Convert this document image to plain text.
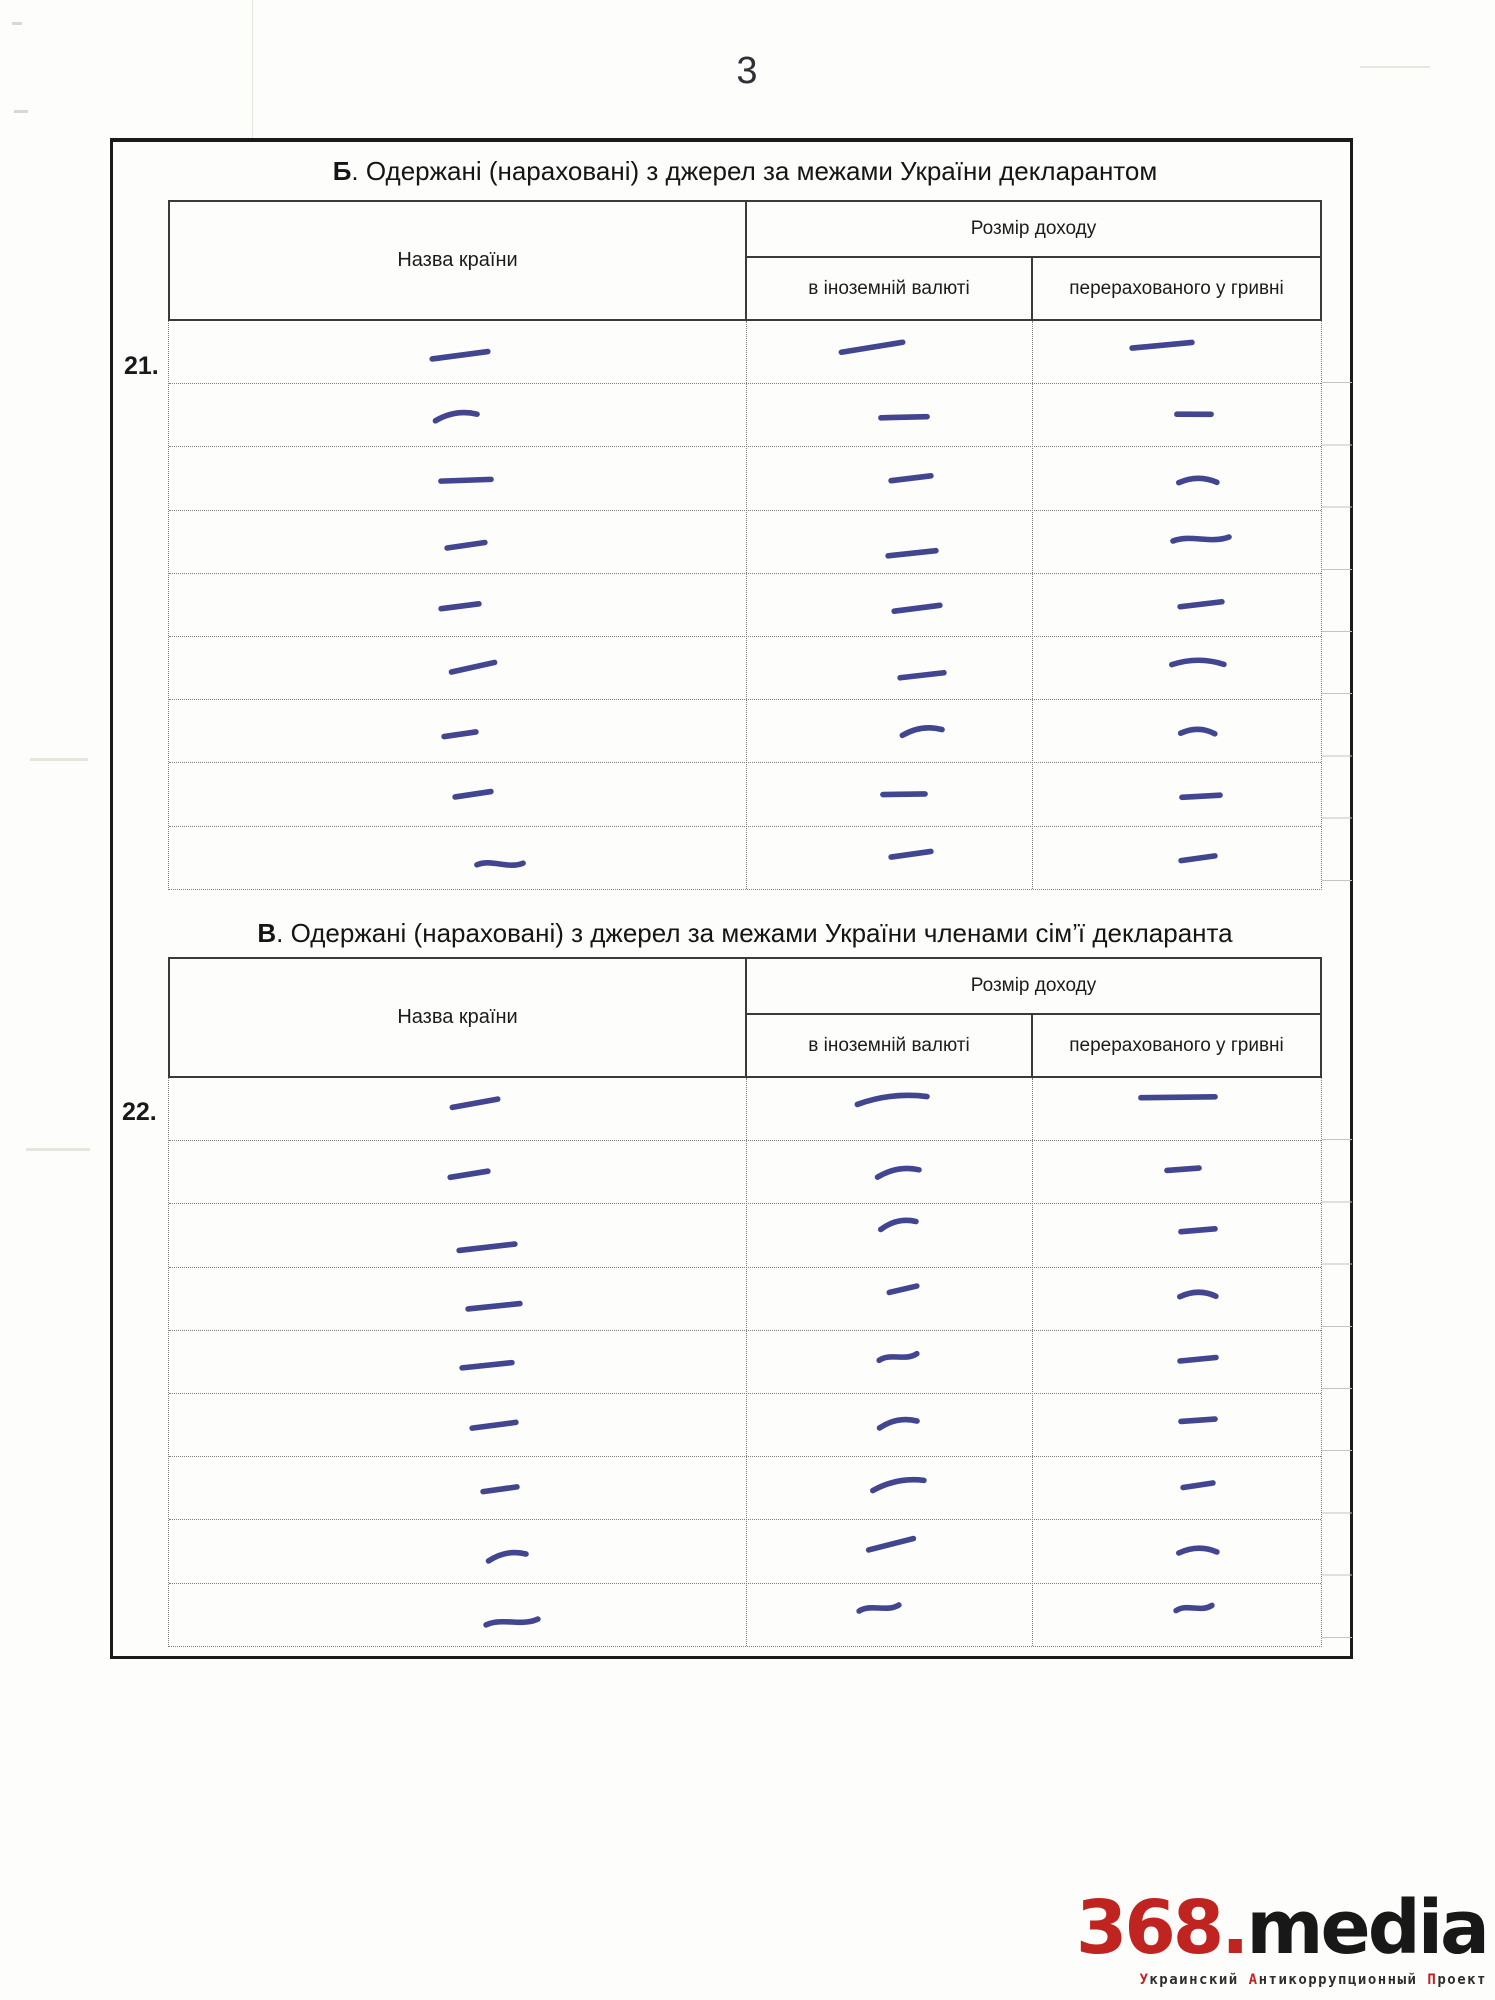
3
Б. Одержані (нараховані) з джерел за межами України декларантом
Назва країни
Розмір доходу
в іноземній валюті	перерахованого у гривні
В. Одержані (нараховані) з джерел за межами України членами сім’ї декларанта
Назва країни
Розмір доходу
в іноземній валюті	перерахованого у гривні
21.
22.
368.media
Украинский Антикоррупционный Проект
